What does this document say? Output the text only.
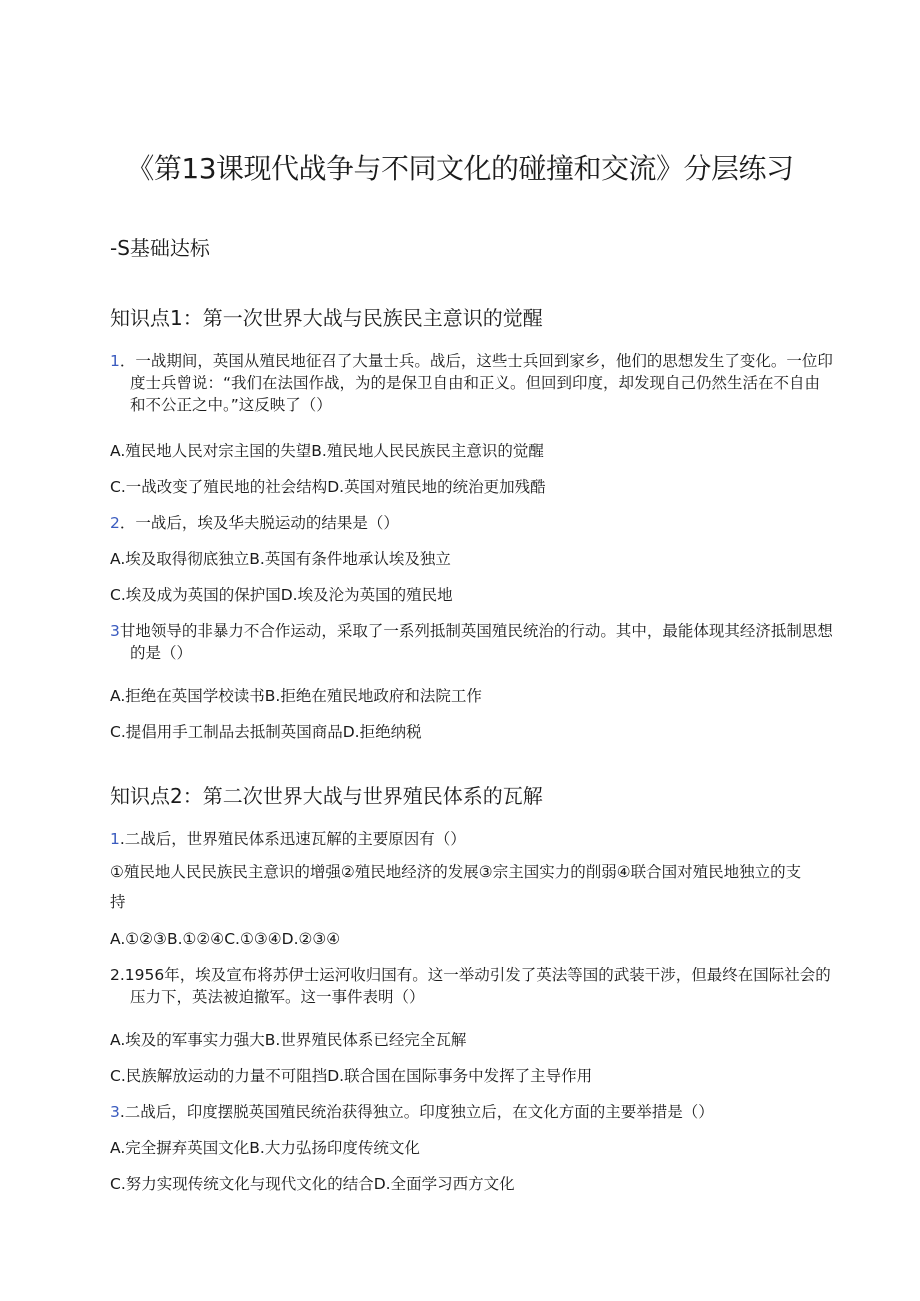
《第13课现代战争与不同文化的碰撞和交流》分层练习
-S基础达标
知识点1：第一次世界大战与民族民主意识的觉醒
1．一战期间，英国从殖民地征召了大量士兵。战后，这些士兵回到家乡，他们的思想发生了变化。一位印度士兵曾说：“我们在法国作战，为的是保卫自由和正义。但回到印度，却发现自己仍然生活在不自由和不公正之中。”这反映了（）
A.殖民地人民对宗主国的失望B.殖民地人民民族民主意识的觉醒
C.一战改变了殖民地的社会结构D.英国对殖民地的统治更加残酷
2．一战后，埃及华夫脱运动的结果是（）
A.埃及取得彻底独立B.英国有条件地承认埃及独立
C.埃及成为英国的保护国D.埃及沦为英国的殖民地
3甘地领导的非暴力不合作运动，采取了一系列抵制英国殖民统治的行动。其中，最能体现其经济抵制思想的是（）
A.拒绝在英国学校读书B.拒绝在殖民地政府和法院工作
C.提倡用手工制品去抵制英国商品D.拒绝纳税
知识点2：第二次世界大战与世界殖民体系的瓦解
1.二战后，世界殖民体系迅速瓦解的主要原因有（）
①殖民地人民民族民主意识的增强②殖民地经济的发展③宗主国实力的削弱④联合国对殖民地独立的支持
A.①②③B.①②④C.①③④D.②③④
2.1956年，埃及宣布将苏伊士运河收归国有。这一举动引发了英法等国的武装干涉，但最终在国际社会的压力下，英法被迫撤军。这一事件表明（）
A.埃及的军事实力强大B.世界殖民体系已经完全瓦解
C.民族解放运动的力量不可阻挡D.联合国在国际事务中发挥了主导作用
3.二战后，印度摆脱英国殖民统治获得独立。印度独立后，在文化方面的主要举措是（）
A.完全摒弃英国文化B.大力弘扬印度传统文化
C.努力实现传统文化与现代文化的结合D.全面学习西方文化
